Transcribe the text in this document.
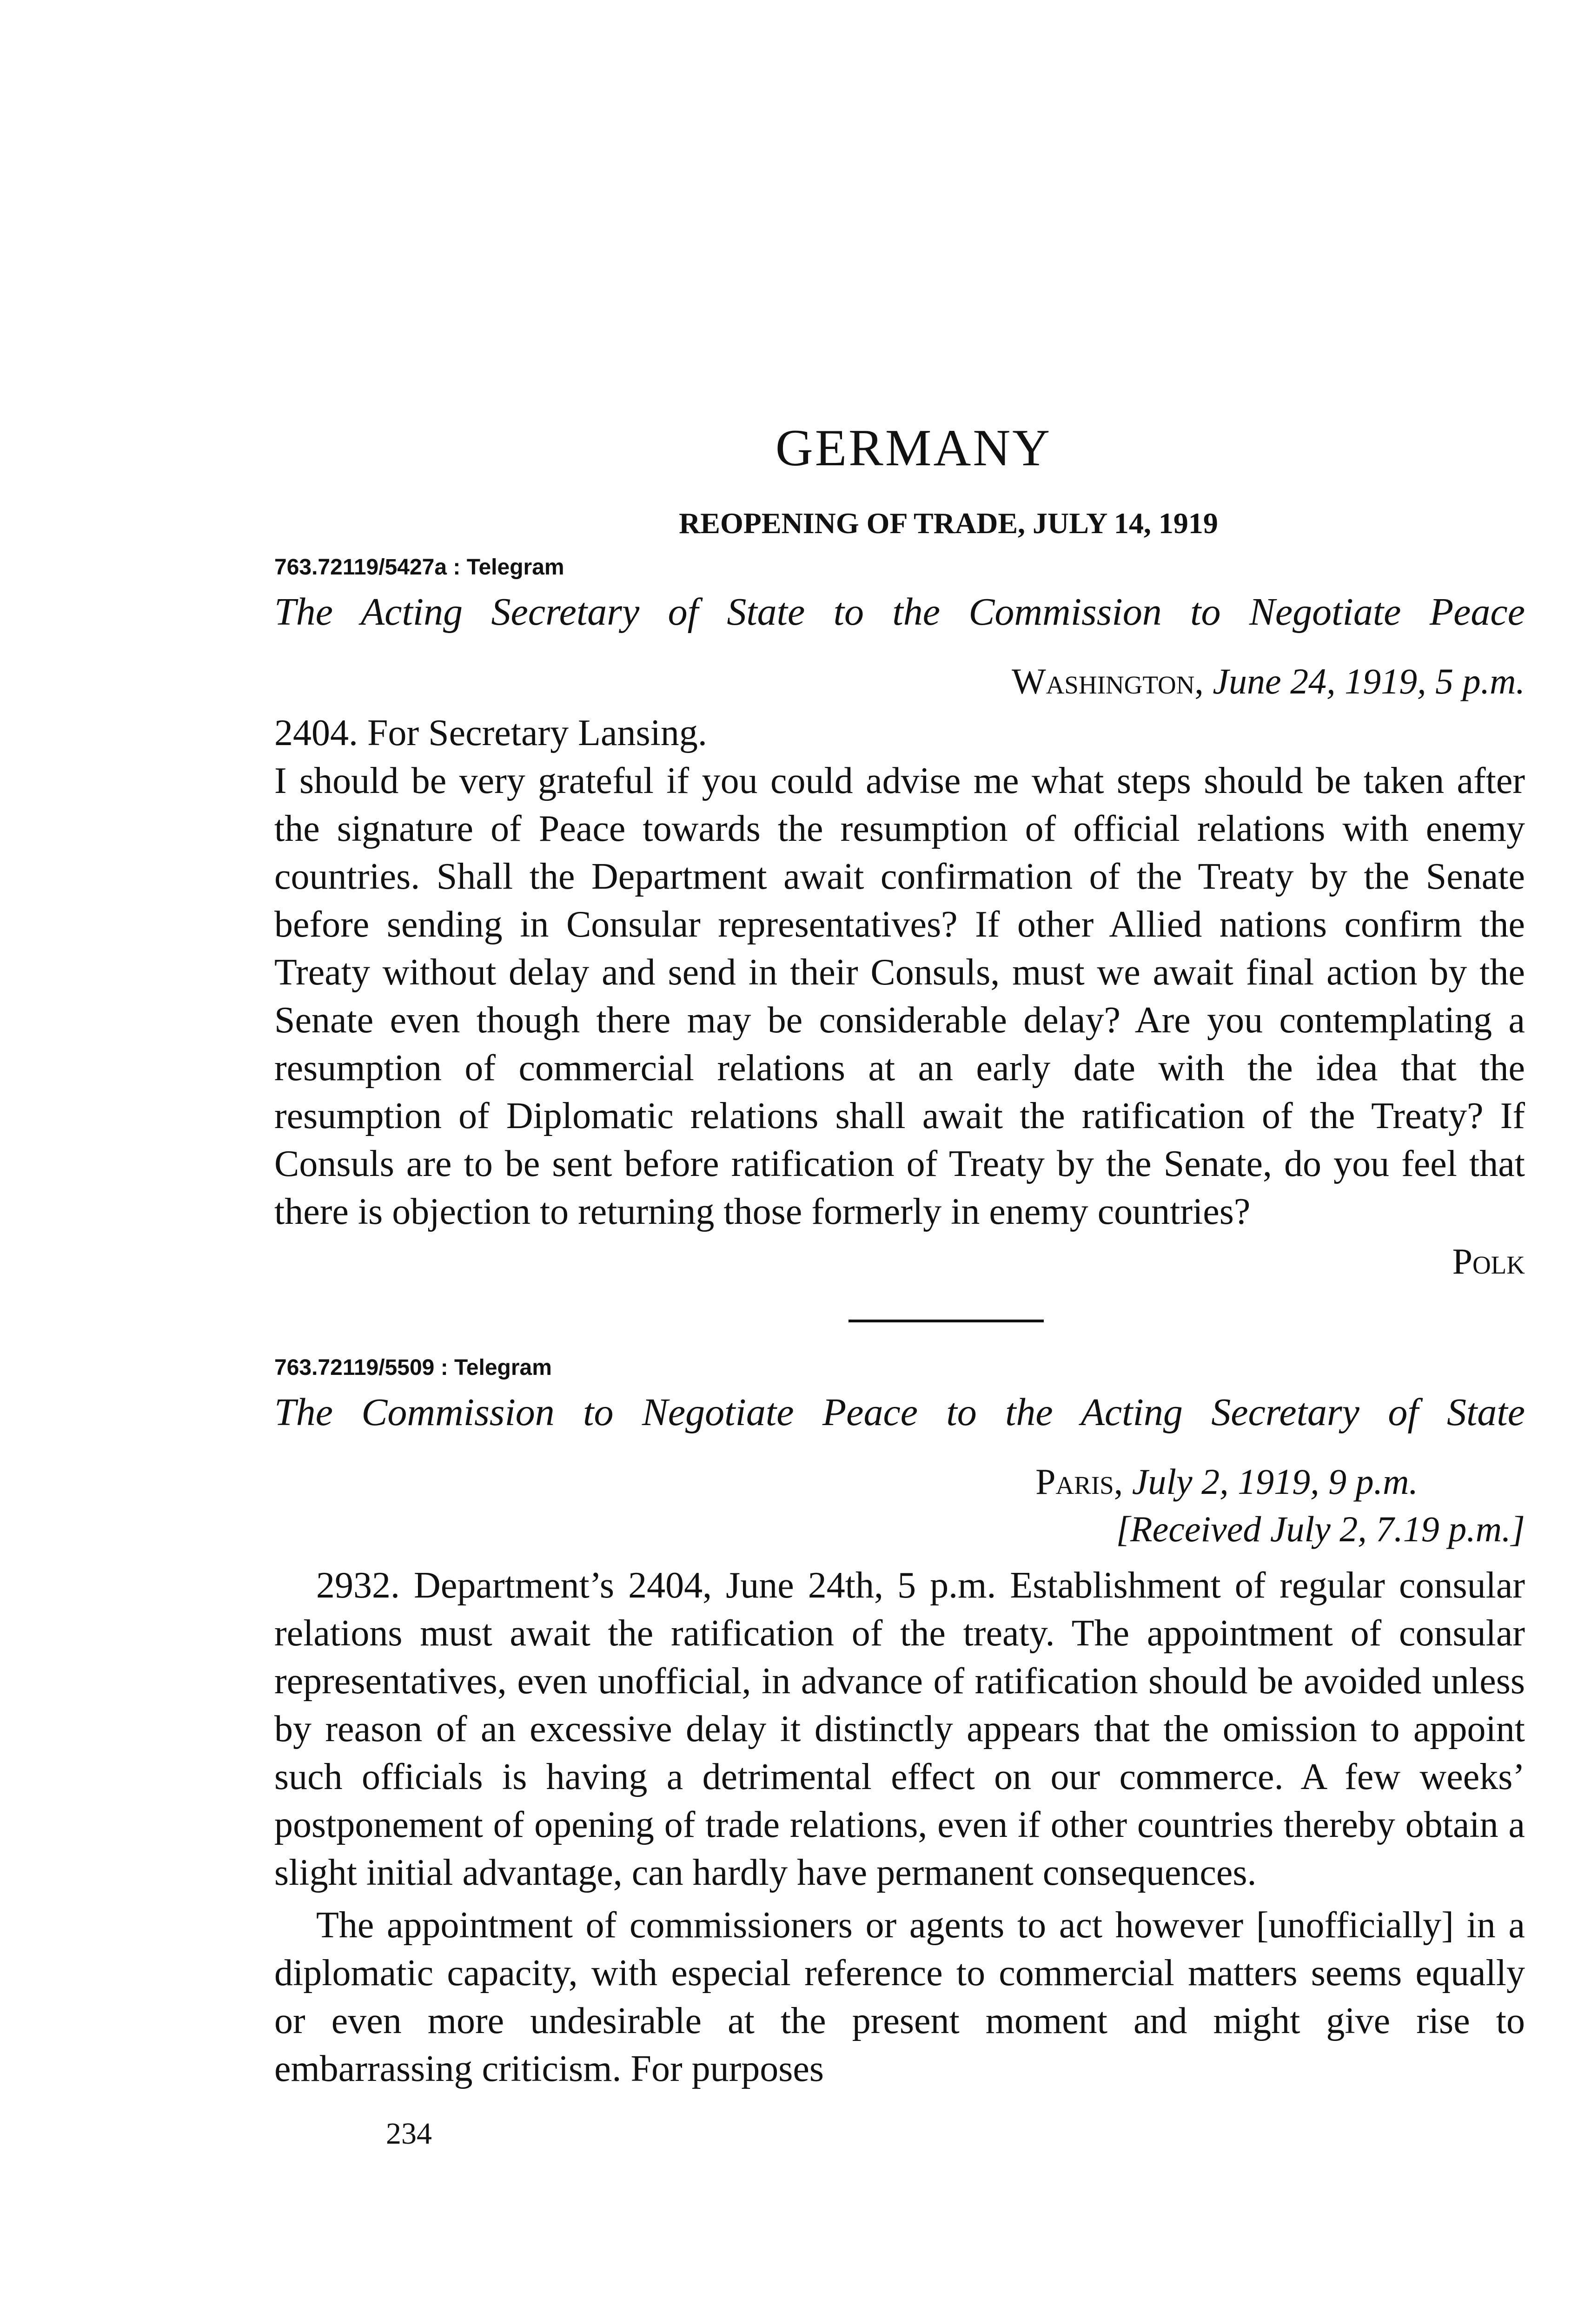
GERMANY
REOPENING OF TRADE, JULY 14, 1919
763.72119/5427a : Telegram
The Acting Secretary of State to the Commission to Negotiate Peace
Washington, June 24, 1919, 5 p.m.

2404. For Secretary Lansing.

I should be very grateful if you could advise me what steps should be taken after the signature of Peace towards the resumption of official relations with enemy countries. Shall the Department await confirmation of the Treaty by the Senate before sending in Consular representatives? If other Allied nations confirm the Treaty without delay and send in their Consuls, must we await final action by the Senate even though there may be considerable delay? Are you contemplating a resumption of commercial relations at an early date with the idea that the resumption of Diplomatic relations shall await the ratification of the Treaty? If Consuls are to be sent before ratification of Treaty by the Senate, do you feel that there is objection to returning those formerly in enemy countries?

Polk
763.72119/5509 : Telegram
The Commission to Negotiate Peace to the Acting Secretary of State
Paris, July 2, 1919, 9 p.m.
[Received July 2, 7.19 p.m.]

2932. Department’s 2404, June 24th, 5 p.m. Establishment of regular consular relations must await the ratification of the treaty. The appointment of consular representatives, even unofficial, in advance of ratification should be avoided unless by reason of an excessive delay it distinctly appears that the omission to appoint such officials is having a detrimental effect on our commerce. A few weeks’ postponement of opening of trade relations, even if other countries thereby obtain a slight initial advantage, can hardly have permanent consequences.

The appointment of commissioners or agents to act however [unofficially] in a diplomatic capacity, with especial reference to commercial matters seems equally or even more undesirable at the present moment and might give rise to embarrassing criticism. For purposes

234
